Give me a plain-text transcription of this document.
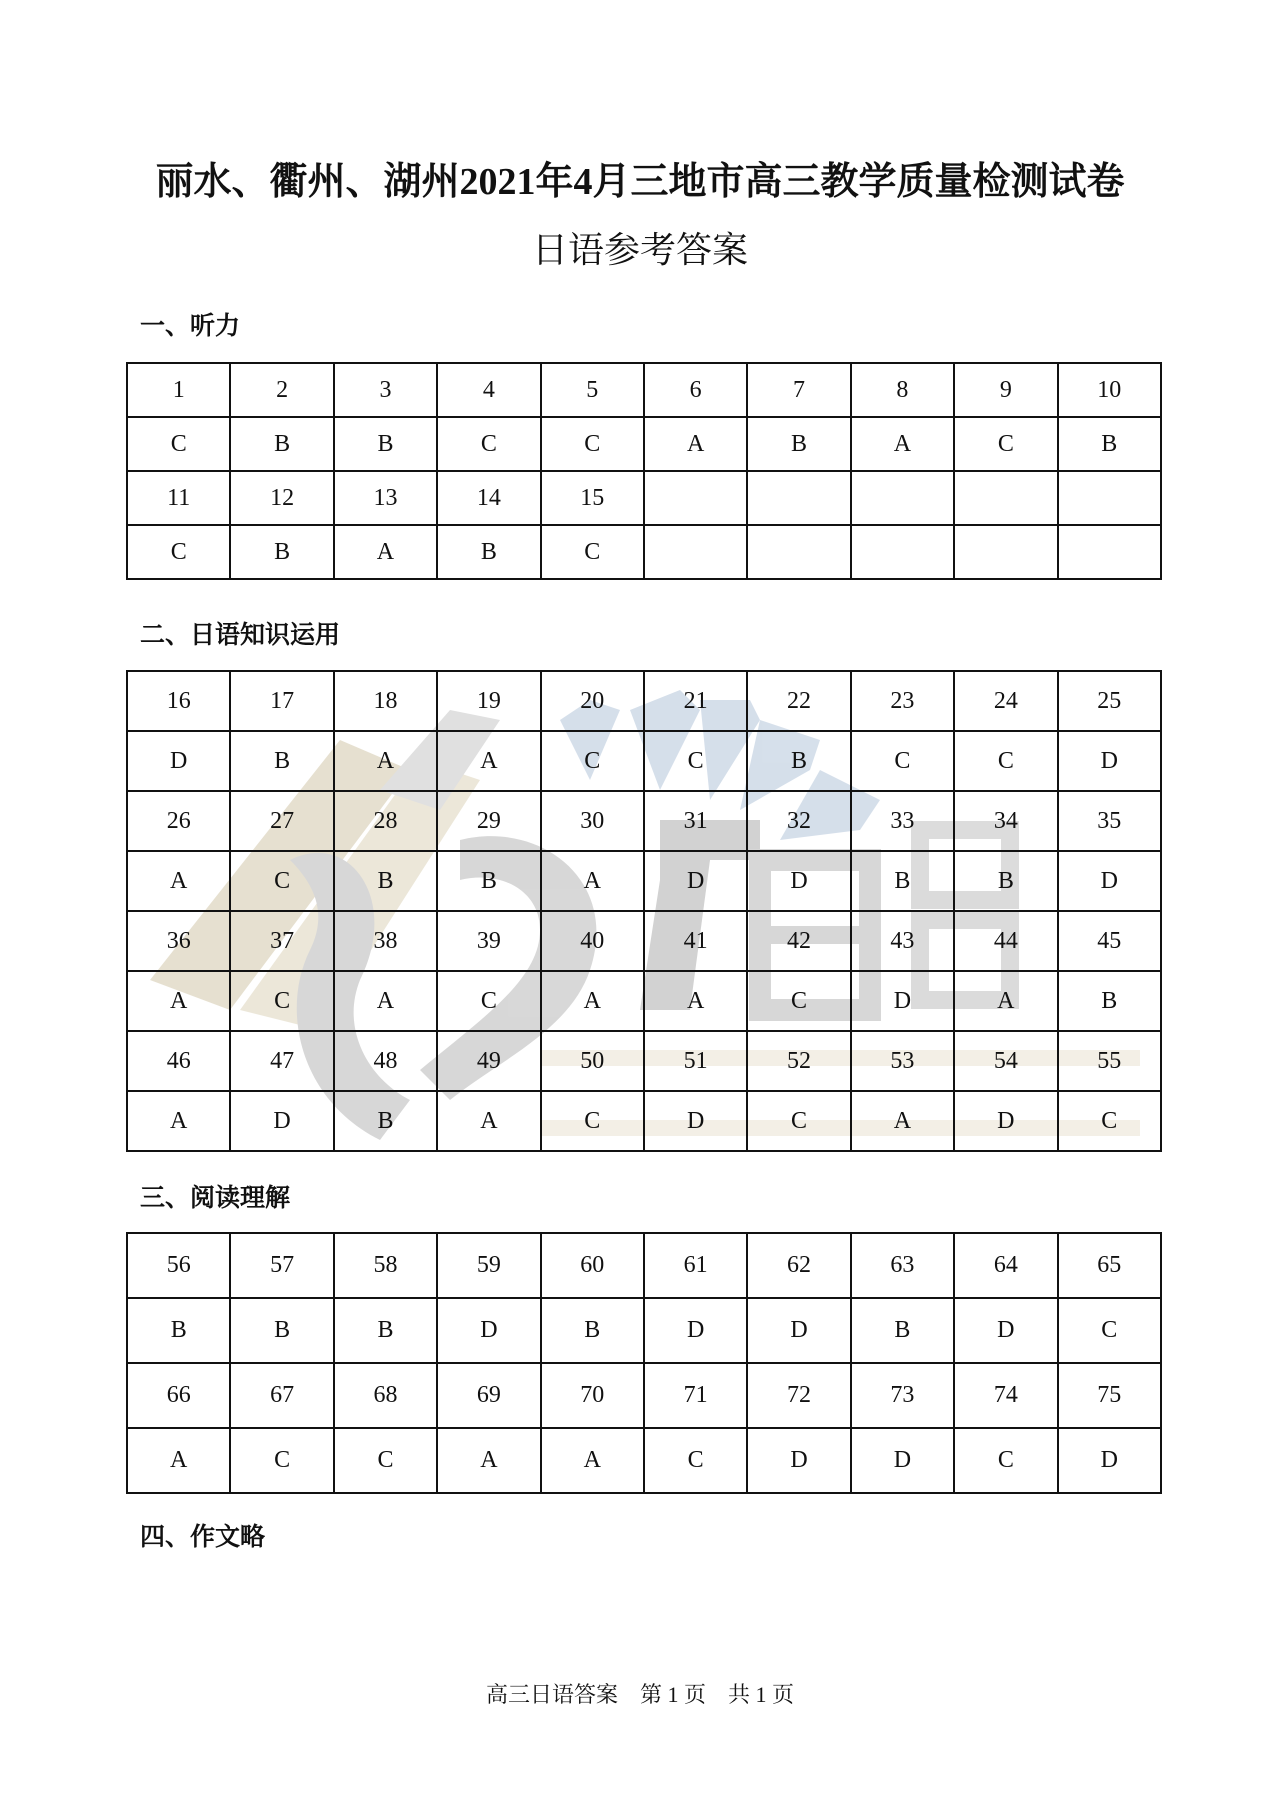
丽水、衢州、湖州2021年4月三地市高三教学质量检测试卷
日语参考答案
一、听力
1	2	3	4	5	6	7	8	9	10
C	B	B	C	C	A	B	A	C	B
11	12	13	14	15					
C	B	A	B	C					
二、日语知识运用
16	17	18	19	20	21	22	23	24	25
D	B	A	A	C	C	B	C	C	D
26	27	28	29	30	31	32	33	34	35
A	C	B	B	A	D	D	B	B	D
36	37	38	39	40	41	42	43	44	45
A	C	A	C	A	A	C	D	A	B
46	47	48	49	50	51	52	53	54	55
A	D	B	A	C	D	C	A	D	C
三、阅读理解
56	57	58	59	60	61	62	63	64	65
B	B	B	D	B	D	D	B	D	C
66	67	68	69	70	71	72	73	74	75
A	C	C	A	A	C	D	D	C	D
四、作文略
高三日语答案　第 1 页　共 1 页
